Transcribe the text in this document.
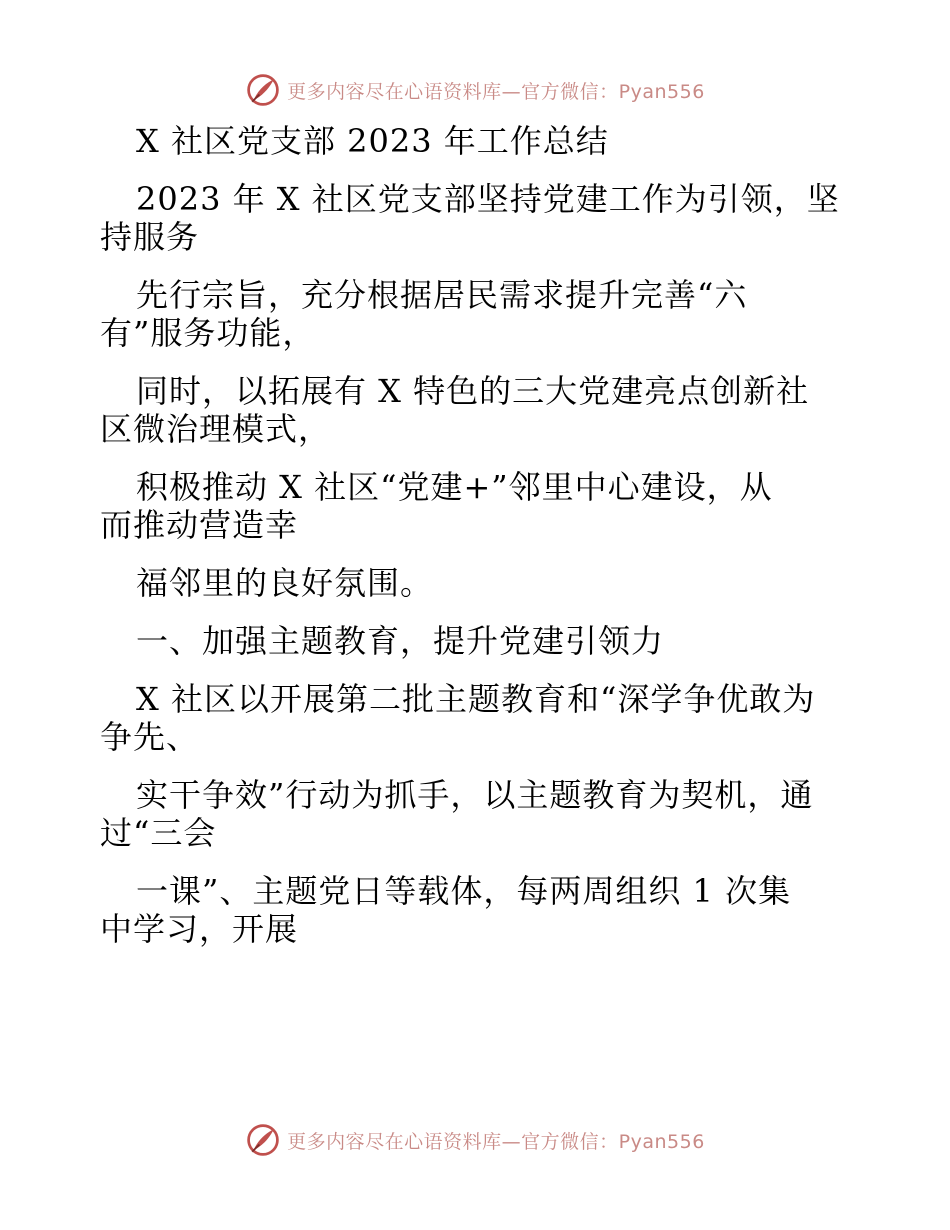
更多内容尽在心语资料库—官方微信：Pyan556
X 社区党支部 2023 年工作总结
2023 年 X 社区党支部坚持党建工作为引领，坚
持服务
先行宗旨，充分根据居民需求提升完善“六
有”服务功能，
同时，以拓展有 X 特色的三大党建亮点创新社
区微治理模式，
积极推动 X 社区“党建+”邻里中心建设，从
而推动营造幸
福邻里的良好氛围。
一、加强主题教育，提升党建引领力
X 社区以开展第二批主题教育和“深学争优敢为
争先、
实干争效”行动为抓手，以主题教育为契机，通
过“三会
一课”、主题党日等载体，每两周组织 1 次集
中学习，开展
更多内容尽在心语资料库—官方微信：Pyan556
